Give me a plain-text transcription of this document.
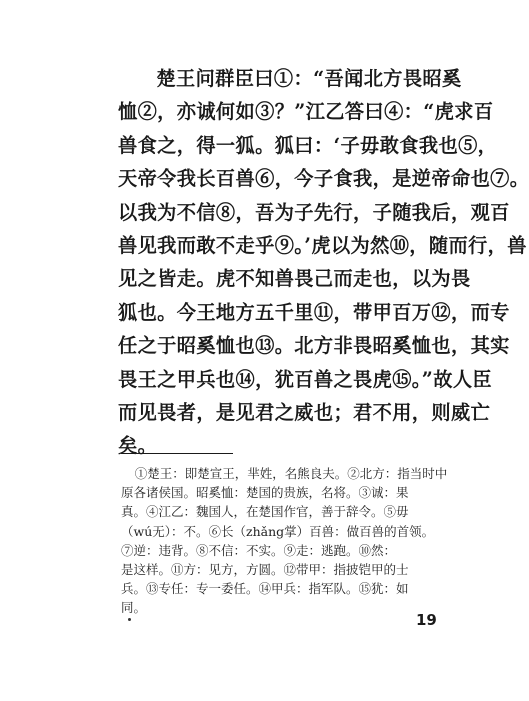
楚王问群臣曰①：“吾闻北方畏昭奚
恤②，亦诚何如③？”江乙答曰④：“虎求百
兽食之，得一狐。狐曰：‘子毋敢食我也⑤，
天帝令我长百兽⑥，今子食我，是逆帝命也⑦。
以我为不信⑧，吾为子先行，子随我后，观百
兽见我而敢不走乎⑨。’虎以为然⑩，随而行，兽
见之皆走。虎不知兽畏己而走也，以为畏
狐也。今王地方五千里⑪，带甲百万⑫，而专
任之于昭奚恤也⑬。北方非畏昭奚恤也，其实
畏王之甲兵也⑭，犹百兽之畏虎⑮。”故人臣
而见畏者，是见君之威也；君不用，则威亡
矣。

①楚王：即楚宣王，芈姓，名熊良夫。②北方：指当时中
原各诸侯国。昭奚恤：楚国的贵族，名将。③诚：果
真。④江乙：魏国人，在楚国作官，善于辞令。⑤毋
（wú无）：不。⑥长（zhǎng掌）百兽：做百兽的首领。
⑦逆：违背。⑧不信：不实。⑨走：逃跑。⑩然：
是这样。⑪方：见方，方圆。⑫带甲：指披铠甲的士
兵。⑬专任：专一委任。⑭甲兵：指军队。⑮犹：如
同。
19
